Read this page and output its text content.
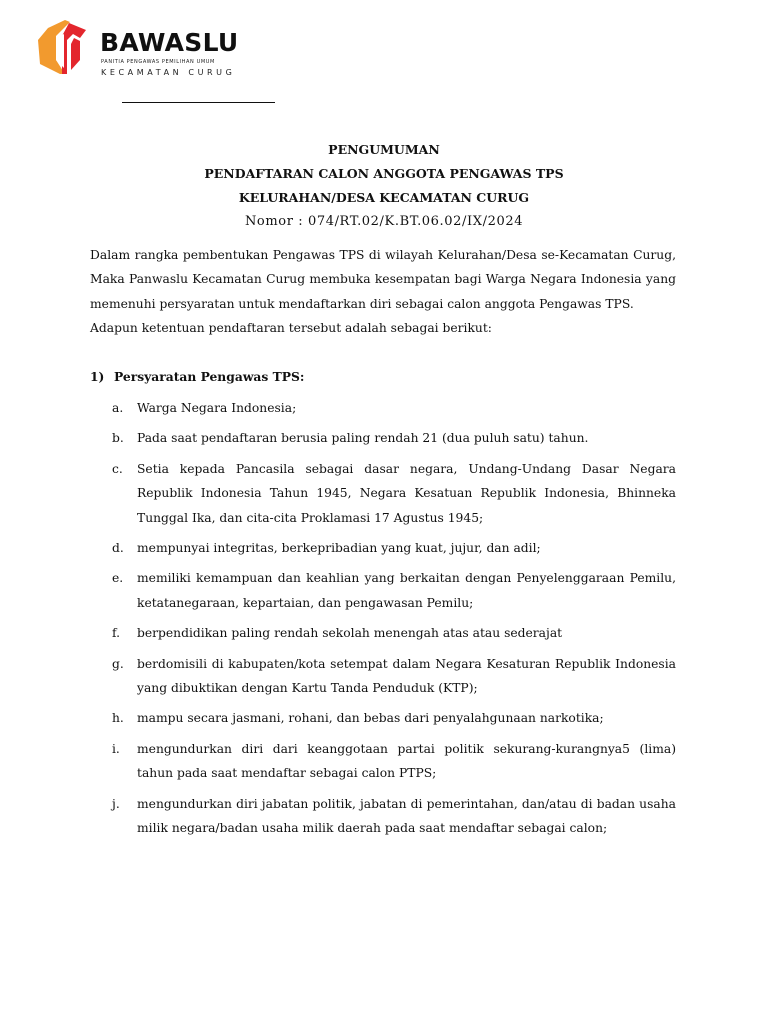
BAWASLU
PANITIA PENGAWAS PEMILIHAN UMUM
KECAMATAN CURUG
PENGUMUMAN
PENDAFTARAN CALON ANGGOTA PENGAWAS TPS
KELURAHAN/DESA KECAMATAN CURUG
Nomor : 074/RT.02/K.BT.06.02/IX/2024

Dalam rangka pembentukan Pengawas TPS di wilayah Kelurahan/Desa se-Kecamatan Curug, Maka Panwaslu Kecamatan Curug membuka kesempatan bagi Warga Negara Indonesia yang memenuhi persyaratan untuk mendaftarkan diri sebagai calon anggota Pengawas TPS.

Adapun ketentuan pendaftaran tersebut adalah sebagai berikut:

1) Persyaratan Pengawas TPS:
a. Warga Negara Indonesia;
b. Pada saat pendaftaran berusia paling rendah 21 (dua puluh satu) tahun.
c. Setia kepada Pancasila sebagai dasar negara, Undang-Undang Dasar Negara Republik Indonesia Tahun 1945, Negara Kesatuan Republik Indonesia, Bhinneka Tunggal Ika, dan cita-cita Proklamasi 17 Agustus 1945;
d. mempunyai integritas, berkepribadian yang kuat, jujur, dan adil;
e. memiliki kemampuan dan keahlian yang berkaitan dengan Penyelenggaraan Pemilu, ketatanegaraan, kepartaian, dan pengawasan Pemilu;
f. berpendidikan paling rendah sekolah menengah atas atau sederajat
g. berdomisili di kabupaten/kota setempat dalam Negara Kesaturan Republik Indonesia yang dibuktikan dengan Kartu Tanda Penduduk (KTP);
h. mampu secara jasmani, rohani, dan bebas dari penyalahgunaan narkotika;
i. mengundurkan diri dari keanggotaan partai politik sekurang-kurangnya5 (lima) tahun pada saat mendaftar sebagai calon PTPS;
j. mengundurkan diri jabatan politik, jabatan di pemerintahan, dan/atau di badan usaha milik negara/badan usaha milik daerah pada saat mendaftar sebagai calon;
